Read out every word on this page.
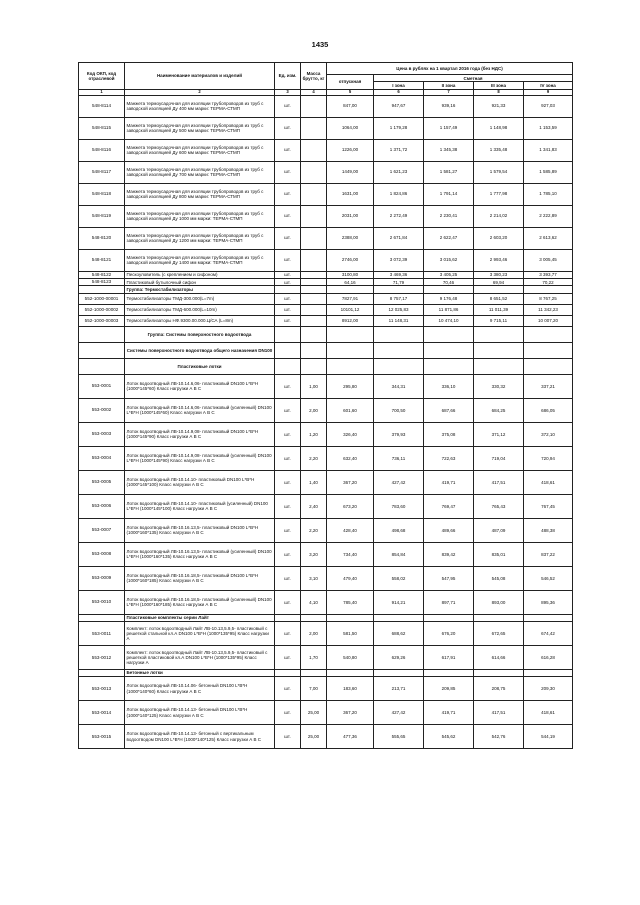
1435
Код ОКП, код отраслевой	Наименование материалов и изделий	Ед. изм.	Масса брутто, кг	Цена в рублях на 1 квартал 2016 года (без НДС)				
				отпускная	Сметная			
					I зона	II зона	III зона	IV зона
1	2	3	4	5	6	7	8	9
548-8114	Манжета термоусадочная для изоляции трубопроводов из труб с заводской изоляцией Ду 400 мм марки: ТЕРМА-СТМП	шт.		847,00	947,67	939,16	921,33	927,03
548-8115	Манжета термоусадочная для изоляции трубопроводов из труб с заводской изоляцией Ду 500 мм марки: ТЕРМА-СТМП	шт.		1064,00	1 179,28	1 157,49	1 148,98	1 153,59
548-8116	Манжета термоусадочная для изоляции трубопроводов из труб с заводской изоляцией Ду 600 мм марки: ТЕРМА-СТМП	шт.		1226,00	1 371,72	1 345,38	1 335,48	1 341,83
548-8117	Манжета термоусадочная для изоляции трубопроводов из труб с заводской изоляцией Ду 700 мм марки: ТЕРМА-СТМП	шт.		1449,00	1 621,23	1 581,27	1 579,54	1 585,89
548-8118	Манжета термоусадочная для изоляции трубопроводов из труб с заводской изоляцией Ду 800 мм марки: ТЕРМА-СТМП	шт.		1631,00	1 824,86	1 791,14	1 777,98	1 785,10
548-8119	Манжета термоусадочная для изоляции трубопроводов из труб с заводской изоляцией Ду 1000 мм марки: ТЕРМА-СТМП	шт.		2031,00	2 272,49	2 230,41	2 214,02	2 222,89
548-8120	Манжета термоусадочная для изоляции трубопроводов из труб с заводской изоляцией Ду 1200 мм марки: ТЕРМА-СТМП	шт.		2388,00	2 671,84	2 622,47	2 603,20	2 613,62
548-8121	Манжета термоусадочная для изоляции трубопроводов из труб с заводской изоляцией Ду 1400 мм марки: ТЕРМА-СТМП	шт.		2746,00	3 072,39	3 015,62	2 993,46	3 005,45
548-8122	Пескоуловитель (с креплением и сифоном)	шт.		3100,80	3 469,36	3 405,25	3 380,23	3 393,77
548-8123	Пластиковый бутылочный сифон	шт.		64,16	71,79	70,46	69,94	70,22
	Группа: Термостабилизаторы							
552-1000-00001	Термостабилизаторы ТМД-300.000(L=7m)	шт.		7827,91	8 757,17	9 176,48	8 651,52	8 767,25
552-1000-00002	Термостабилизаторы ТМД-600.000(L=10m)	шт.		10101,12	12 025,83	11 871,86	11 011,39	11 342,23
552-1000-00003	Термостабилизаторы НФ.9300.00.000.Ц/СА (L=8m)	шт.		8912,00	11 148,31	10 474,10	9 715,11	10 007,20
	Группа: Системы поверхностного водоотвода							
	Системы поверхностного водоотвода общего назначения DN100							
	Пластиковые лотки							
553-0001	Лоток водоотводный ЛВ-10.14.6,06- пластиковый DN100 L*B*H (1000*145*60) Класс нагрузки А В С	шт.	1,00	295,80	344,31	336,10	330,32	337,21
553-0002	Лоток водоотводный ЛВ-10.14.6,06- пластиковый (усиленный) DN100 L*B*H (1000*145*60) Класс нагрузки А В С	шт.	2,00	601,60	700,50	687,66	684,25	686,05
553-0003	Лоток водоотводный ЛВ-10.14.9,08- пластиковый DN100 L*B*H (1000*145*90) Класс нагрузки А В С	шт.	1,20	326,40	379,93	375,08	371,12	372,10
553-0004	Лоток водоотводный ЛВ-10.14.9,08- пластиковый (усиленный) DN100 L*B*H (1000*145*90) Класс нагрузки А В С	шт.	2,20	632,40	736,11	722,63	719,04	720,94
553-0005	Лоток водоотводный ЛВ-10.14.10- пластиковый DN100 L*B*H (1000*145*100) Класс нагрузки А В С	шт.	1,40	367,20	427,42	419,71	417,51	418,61
553-0006	Лоток водоотводный ЛВ-10.14.10- пластиковый (усиленный) DN100 L*B*H (1000*145*100) Класс нагрузки А В С	шт.	2,40	673,20	783,60	769,47	765,43	767,45
553-0007	Лоток водоотводный ЛВ-10.16.13,5- пластиковый DN100 L*B*H (1000*160*135) Класс нагрузки А В С	шт.	2,20	428,40	498,68	489,66	487,09	488,38
553-0008	Лоток водоотводный ЛВ-10.16.13,5- пластиковый (усиленный) DN100 L*B*H (1000*160*135) Класс нагрузки А В С	шт.	3,20	734,40	854,84	839,42	835,01	837,22
553-0009	Лоток водоотводный ЛВ-10.16.18,5- пластиковый DN100 L*B*H (1000*160*185) Класс нагрузки А В С	шт.	3,10	479,40	558,02	547,95	545,08	546,52
553-0010	Лоток водоотводный ЛВ-10.16.18,5- пластиковый (усиленный) DN100 L*B*H (1000*160*185) Класс нагрузки А В С	шт.	4,10	785,40	914,21	897,71	893,00	895,36
	Пластиковые комплекты серии Лайт							
553-0011	Комплект: лоток водоотводный Лайт ЛВ-10.13,5.9,5- пластиковый с решеткой стальной кл.А DN100 L*B*H (1000*135*95) Класс нагрузки А	шт.	2,00	581,50	688,62	676,20	672,65	674,42
553-0012	Комплект: лоток водоотводный Лайт ЛВ-10.13,5.9,5- пластиковый с решеткой пластиковой кл.А DN100 L*B*H (1000*135*95) Класс нагрузки А	шт.	1,70	540,80	629,26	617,91	614,66	616,28
	Бетонные лотки							
553-0013	Лоток водоотводный ЛВ-10.14.06- бетонный DN100 L*B*H (1000*140*60) Класс нагрузки А В С	шт.	7,00	183,60	213,71	209,85	208,75	209,30
553-0014	Лоток водоотводный ЛВ-10.14.13- бетонный DN100 L*B*H (1000*140*125) Класс нагрузки А В С	шт.	25,00	367,20	427,42	419,71	417,51	418,61
553-0015	Лоток водоотводный ЛВ-10.14.13- бетонный с вертикальным водоотводом DN100 L*B*H (1000*140*125) Класс нагрузки А В С	шт.	25,00	477,36	555,65	545,62	542,76	544,19
